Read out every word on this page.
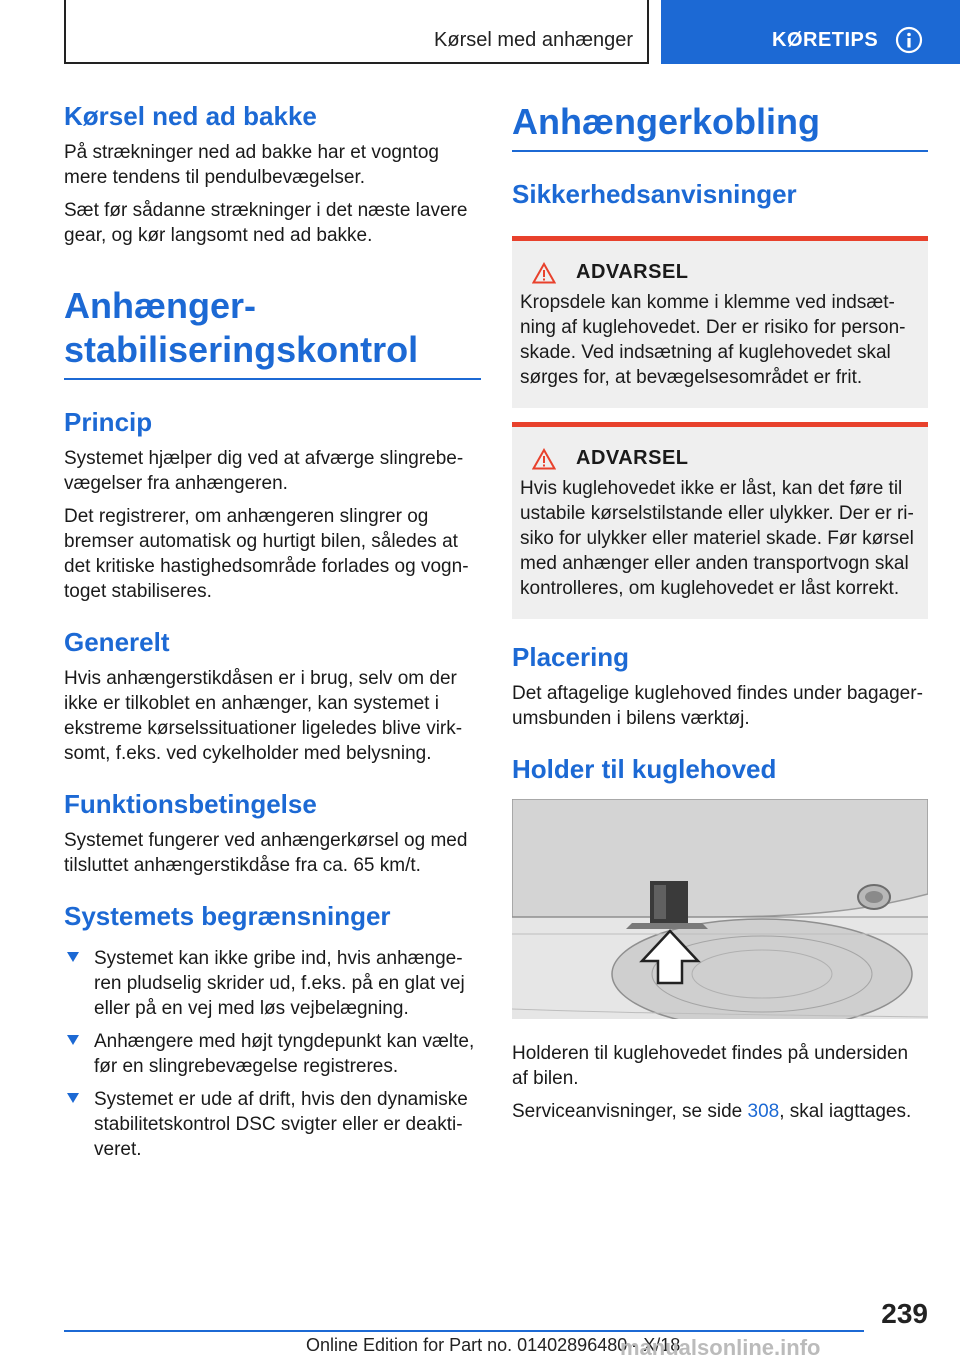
Kørsel med anhænger	KØRETIPS
Kørsel ned ad bakke

På strækninger ned ad bakke har et vogntog mere tendens til pendulbevægelser.

Sæt før sådanne strækninger i det næste lavere gear, og kør langsomt ned ad bakke.

Anhænger-
stabiliseringskontrol
Princip

Systemet hjælper dig ved at afværge slingrebevægelser fra anhængeren.

Det registrerer, om anhængeren slingrer og bremser automatisk og hurtigt bilen, således at det kritiske hastighedsområde forlades og vogntoget stabiliseres.

Generelt

Hvis anhængerstikdåsen er i brug, selv om der ikke er tilkoblet en anhænger, kan systemet i ekstreme kørselssituationer ligeledes blive virksomt, f.eks. ved cykelholder med belysning.

Funktionsbetingelse

Systemet fungerer ved anhængerkørsel og med tilsluttet anhængerstikdåse fra ca. 65 km/t.

Systemets begrænsninger
Systemet kan ikke gribe ind, hvis anhængeren pludselig skrider ud, f.eks. på en glat vej eller på en vej med løs vejbelægning.
Anhængere med højt tyngdepunkt kan vælte, før en slingrebevægelse registreres.
Systemet er ude af drift, hvis den dynamiske stabilitetskontrol DSC svigter eller er deaktiveret.
Anhængerkobling
Sikkerhedsanvisninger
ADVARSEL

Kropsdele kan komme i klemme ved indsætning af kuglehovedet. Der er risiko for personskade. Ved indsætning af kuglehovedet skal sørges for, at bevægelsesområdet er frit.

ADVARSEL

Hvis kuglehovedet ikke er låst, kan det føre til ustabile kørselstilstande eller ulykker. Der er risiko for ulykker eller materiel skade. Før kørsel med anhænger eller anden transportvogn skal kontrolleres, om kuglehovedet er låst korrekt.

Placering

Det aftagelige kuglehoved findes under bagagerumsbunden i bilens værktøj.

Holder til kuglehoved

Holderen til kuglehovedet findes på undersiden af bilen.

Serviceanvisninger, se side 308, skal iagttages.

239
Online Edition for Part no. 01402896480 - X/18
manualsonline.info
